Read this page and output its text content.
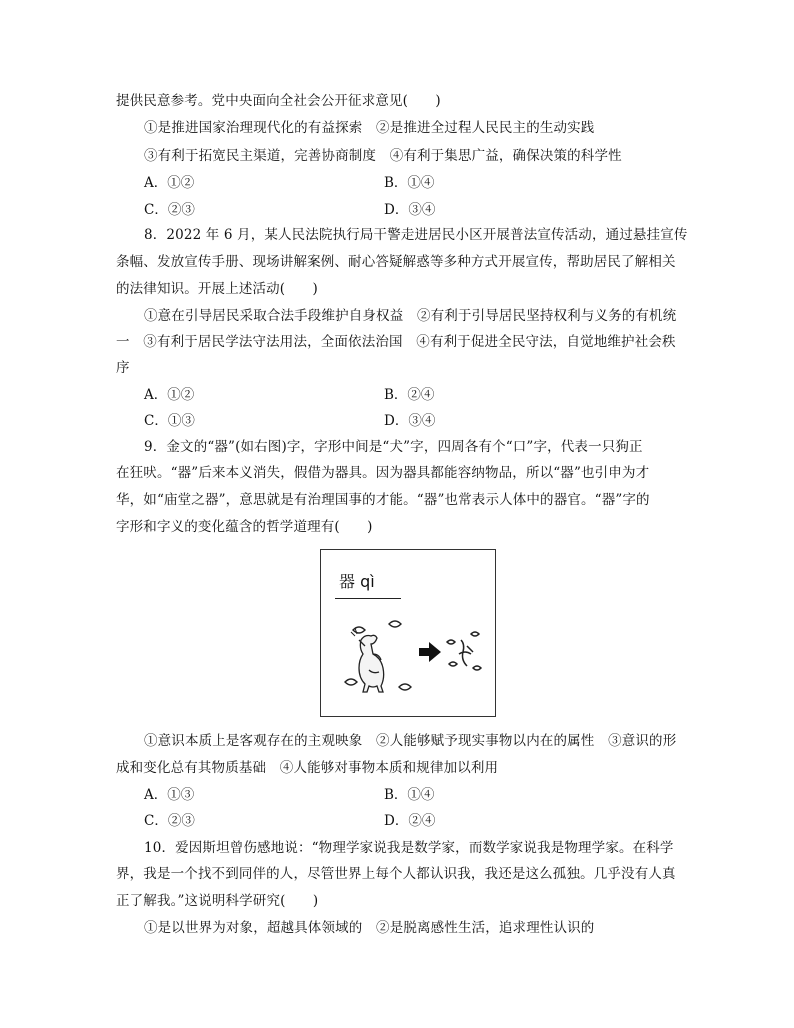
提供民意参考。党中央面向全社会公开征求意见(　　)
①是推进国家治理现代化的有益探索　②是推进全过程人民民主的生动实践
③有利于拓宽民主渠道，完善协商制度　④有利于集思广益，确保决策的科学性
A．①②	B．①④
C．②③	D．③④
8．2022 年 6 月，某人民法院执行局干警走进居民小区开展普法宣传活动，通过悬挂宣传
条幅、发放宣传手册、现场讲解案例、耐心答疑解惑等多种方式开展宣传，帮助居民了解相关
的法律知识。开展上述活动(　　)
①意在引导居民采取合法手段维护自身权益　②有利于引导居民坚持权利与义务的有机统
一　③有利于居民学法守法用法，全面依法治国　④有利于促进全民守法，自觉地维护社会秩
序
A．①②	B．②④
C．①③	D．③④
9．金文的“器”(如右图)字，字形中间是“犬”字，四周各有个“口”字，代表一只狗正
在狂吠。“器”后来本义消失，假借为器具。因为器具都能容纳物品，所以“器”也引申为才
华，如“庙堂之器”，意思就是有治理国事的才能。“器”也常表示人体中的器官。“器”字的
字形和字义的变化蕴含的哲学道理有(　　)
器 qì
①意识本质上是客观存在的主观映象　②人能够赋予现实事物以内在的属性　③意识的形
成和变化总有其物质基础　④人能够对事物本质和规律加以利用
A．①③	B．①④
C．②③	D．②④
10．爱因斯坦曾伤感地说：“物理学家说我是数学家，而数学家说我是物理学家。在科学
界，我是一个找不到同伴的人，尽管世界上每个人都认识我，我还是这么孤独。几乎没有人真
正了解我。”这说明科学研究(　　)
①是以世界为对象，超越具体领域的　②是脱离感性生活，追求理性认识的
